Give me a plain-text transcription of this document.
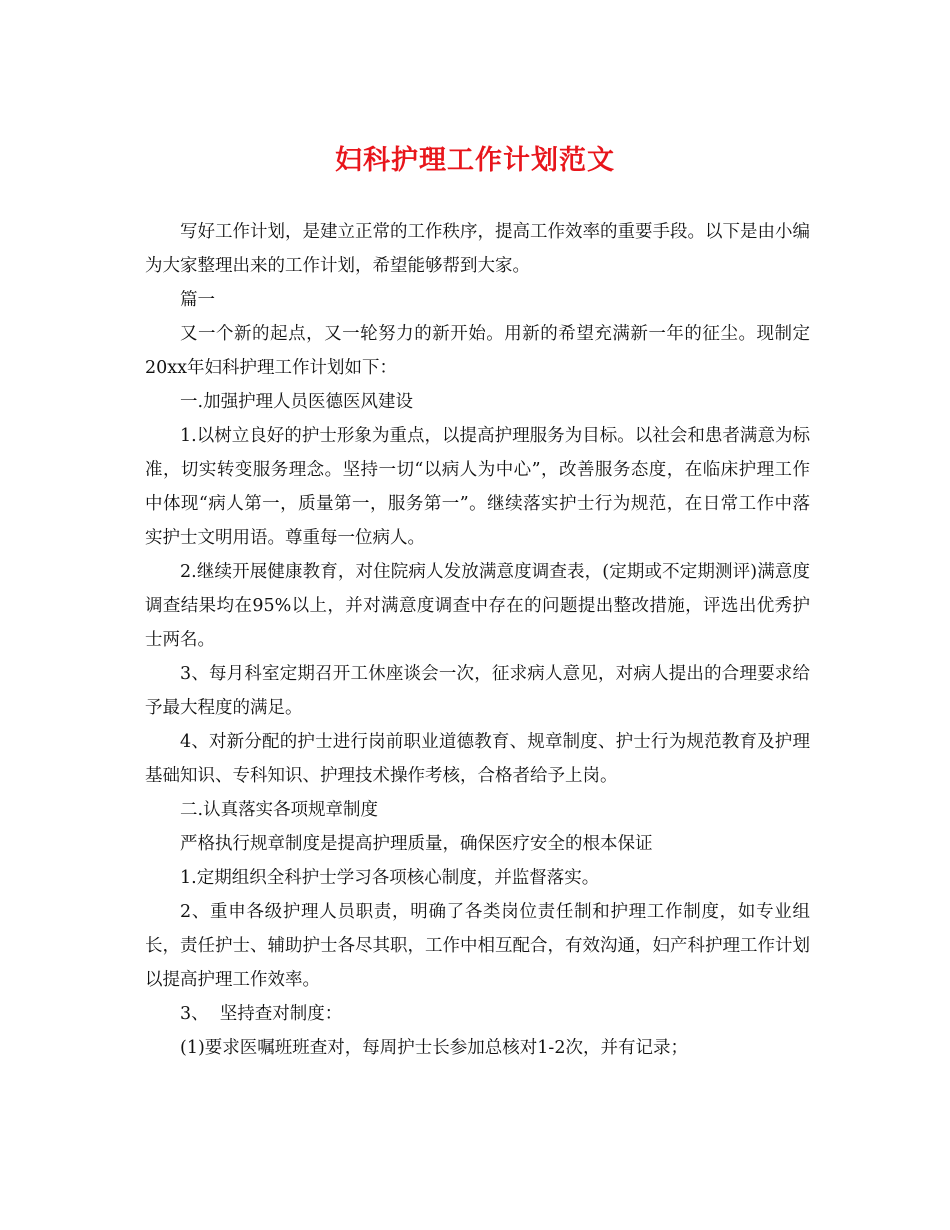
妇科护理工作计划范文

写好工作计划，是建立正常的工作秩序，提高工作效率的重要手段。以下是由小编为大家整理出来的工作计划，希望能够帮到大家。

篇一

又一个新的起点，又一轮努力的新开始。用新的希望充满新一年的征尘。现制定20xx年妇科护理工作计划如下：

一.加强护理人员医德医风建设

1.以树立良好的护士形象为重点，以提高护理服务为目标。以社会和患者满意为标准，切实转变服务理念。坚持一切“以病人为中心”，改善服务态度，在临床护理工作中体现“病人第一，质量第一，服务第一”。继续落实护士行为规范，在日常工作中落实护士文明用语。尊重每一位病人。

2.继续开展健康教育，对住院病人发放满意度调查表，(定期或不定期测评)满意度调查结果均在95%以上，并对满意度调查中存在的问题提出整改措施，评选出优秀护士两名。

3、每月科室定期召开工休座谈会一次，征求病人意见，对病人提出的合理要求给予最大程度的满足。

4、对新分配的护士进行岗前职业道德教育、规章制度、护士行为规范教育及护理基础知识、专科知识、护理技术操作考核，合格者给予上岗。

二.认真落实各项规章制度

严格执行规章制度是提高护理质量，确保医疗安全的根本保证

1.定期组织全科护士学习各项核心制度，并监督落实。

2、重申各级护理人员职责，明确了各类岗位责任制和护理工作制度，如专业组长，责任护士、辅助护士各尽其职，工作中相互配合，有效沟通，妇产科护理工作计划以提高护理工作效率。

3、  坚持查对制度：

(1)要求医嘱班班查对，每周护士长参加总核对1-2次，并有记录；
